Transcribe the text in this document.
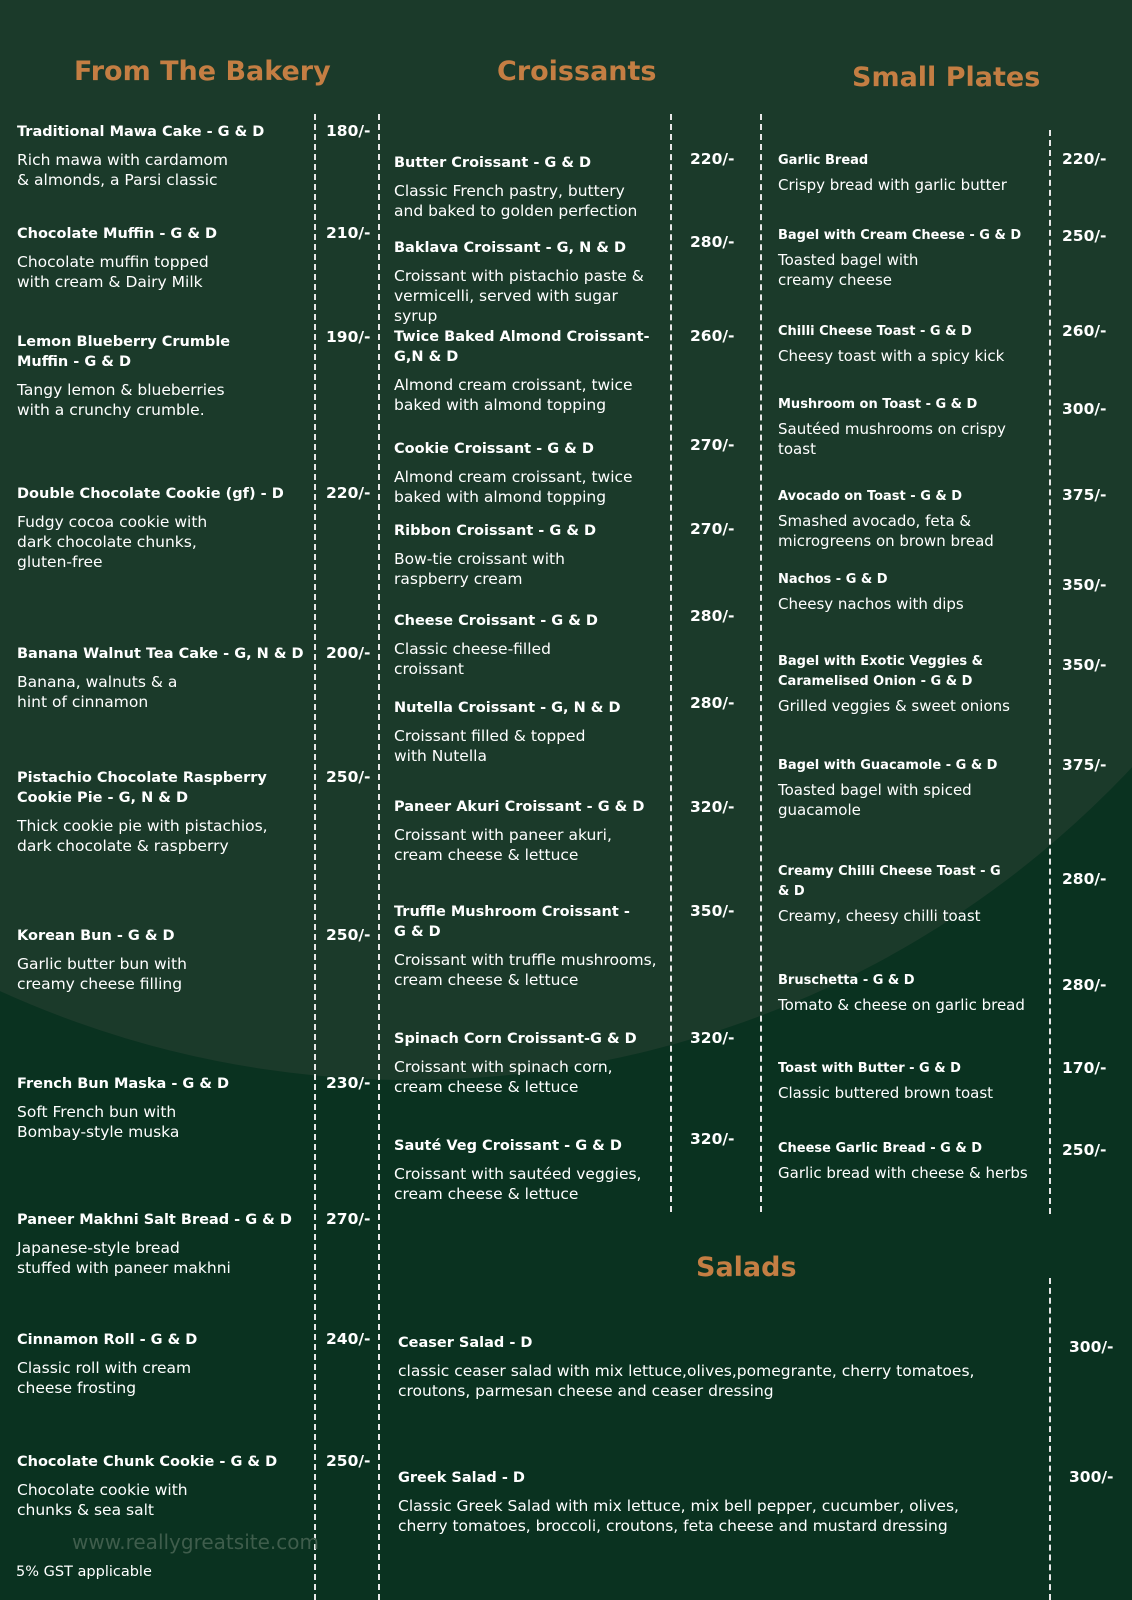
From The Bakery	Croissants	Small Plates
Salads
Traditional Mawa Cake - G & D
Rich mawa with cardamom
& almonds, a Parsi classic
180/-
Chocolate Muffin - G & D
Chocolate muffin topped
with cream & Dairy Milk
210/-
Lemon Blueberry Crumble
Muffin - G & D
Tangy lemon & blueberries
with a crunchy crumble.
190/-
Double Chocolate Cookie (gf) - D
Fudgy cocoa cookie with
dark chocolate chunks,
gluten-free
220/-
Banana Walnut Tea Cake - G, N & D
Banana, walnuts & a
hint of cinnamon
200/-
Pistachio Chocolate Raspberry
Cookie Pie - G, N & D
Thick cookie pie with pistachios,
dark chocolate & raspberry
250/-
Korean Bun - G & D
Garlic butter bun with
creamy cheese filling
250/-
French Bun Maska - G & D
Soft French bun with
Bombay-style muska
230/-
Paneer Makhni Salt Bread - G & D
Japanese-style bread
stuffed with paneer makhni
270/-
Cinnamon Roll - G & D
Classic roll with cream
cheese frosting
240/-
Chocolate Chunk Cookie - G & D
Chocolate cookie with
chunks & sea salt
250/-
Butter Croissant - G & D
Classic French pastry, buttery
and baked to golden perfection
220/-
Baklava Croissant - G, N & D
Croissant with pistachio paste &
vermicelli, served with sugar syrup
280/-
Twice Baked Almond Croissant-
G,N & D
Almond cream croissant, twice
baked with almond topping
260/-
Cookie Croissant - G & D
Almond cream croissant, twice
baked with almond topping
270/-
Ribbon Croissant - G & D
Bow-tie croissant with
raspberry cream
270/-
Cheese Croissant - G & D
Classic cheese-filled
croissant
280/-
Nutella Croissant - G, N & D
Croissant filled & topped
with Nutella
280/-
Paneer Akuri Croissant - G & D
Croissant with paneer akuri,
cream cheese & lettuce
320/-
Truffle Mushroom Croissant -
G & D
Croissant with truffle mushrooms,
cream cheese & lettuce
350/-
Spinach Corn Croissant-G & D
Croissant with spinach corn,
cream cheese & lettuce
320/-
Sauté Veg Croissant - G & D
Croissant with sautéed veggies,
cream cheese & lettuce
320/-
Garlic Bread
Crispy bread with garlic butter
220/-
Bagel with Cream Cheese - G & D
Toasted bagel with
creamy cheese
250/-
Chilli Cheese Toast - G & D
Cheesy toast with a spicy kick
260/-
Mushroom on Toast - G & D
Sautéed mushrooms on crispy
toast
300/-
Avocado on Toast - G & D
Smashed avocado, feta &
microgreens on brown bread
375/-
Nachos - G & D
Cheesy nachos with dips
350/-
Bagel with Exotic Veggies &
Caramelised Onion - G & D
Grilled veggies & sweet onions
350/-
Bagel with Guacamole - G & D
Toasted bagel with spiced
guacamole
375/-
Creamy Chilli Cheese Toast - G
& D
Creamy, cheesy chilli toast
280/-
Bruschetta - G & D
Tomato & cheese on garlic bread
280/-
Toast with Butter - G & D
Classic buttered brown toast
170/-
Cheese Garlic Bread - G & D
Garlic bread with cheese & herbs
250/-
Ceaser Salad - D
classic ceaser salad with mix lettuce,olives,pomegrante, cherry tomatoes,
croutons, parmesan cheese and ceaser dressing
300/-
Greek Salad - D
Classic Greek Salad with mix lettuce, mix bell pepper, cucumber, olives,
cherry tomatoes, broccoli, croutons, feta cheese and mustard dressing
300/-
www.reallygreatsite.com
5% GST applicable
